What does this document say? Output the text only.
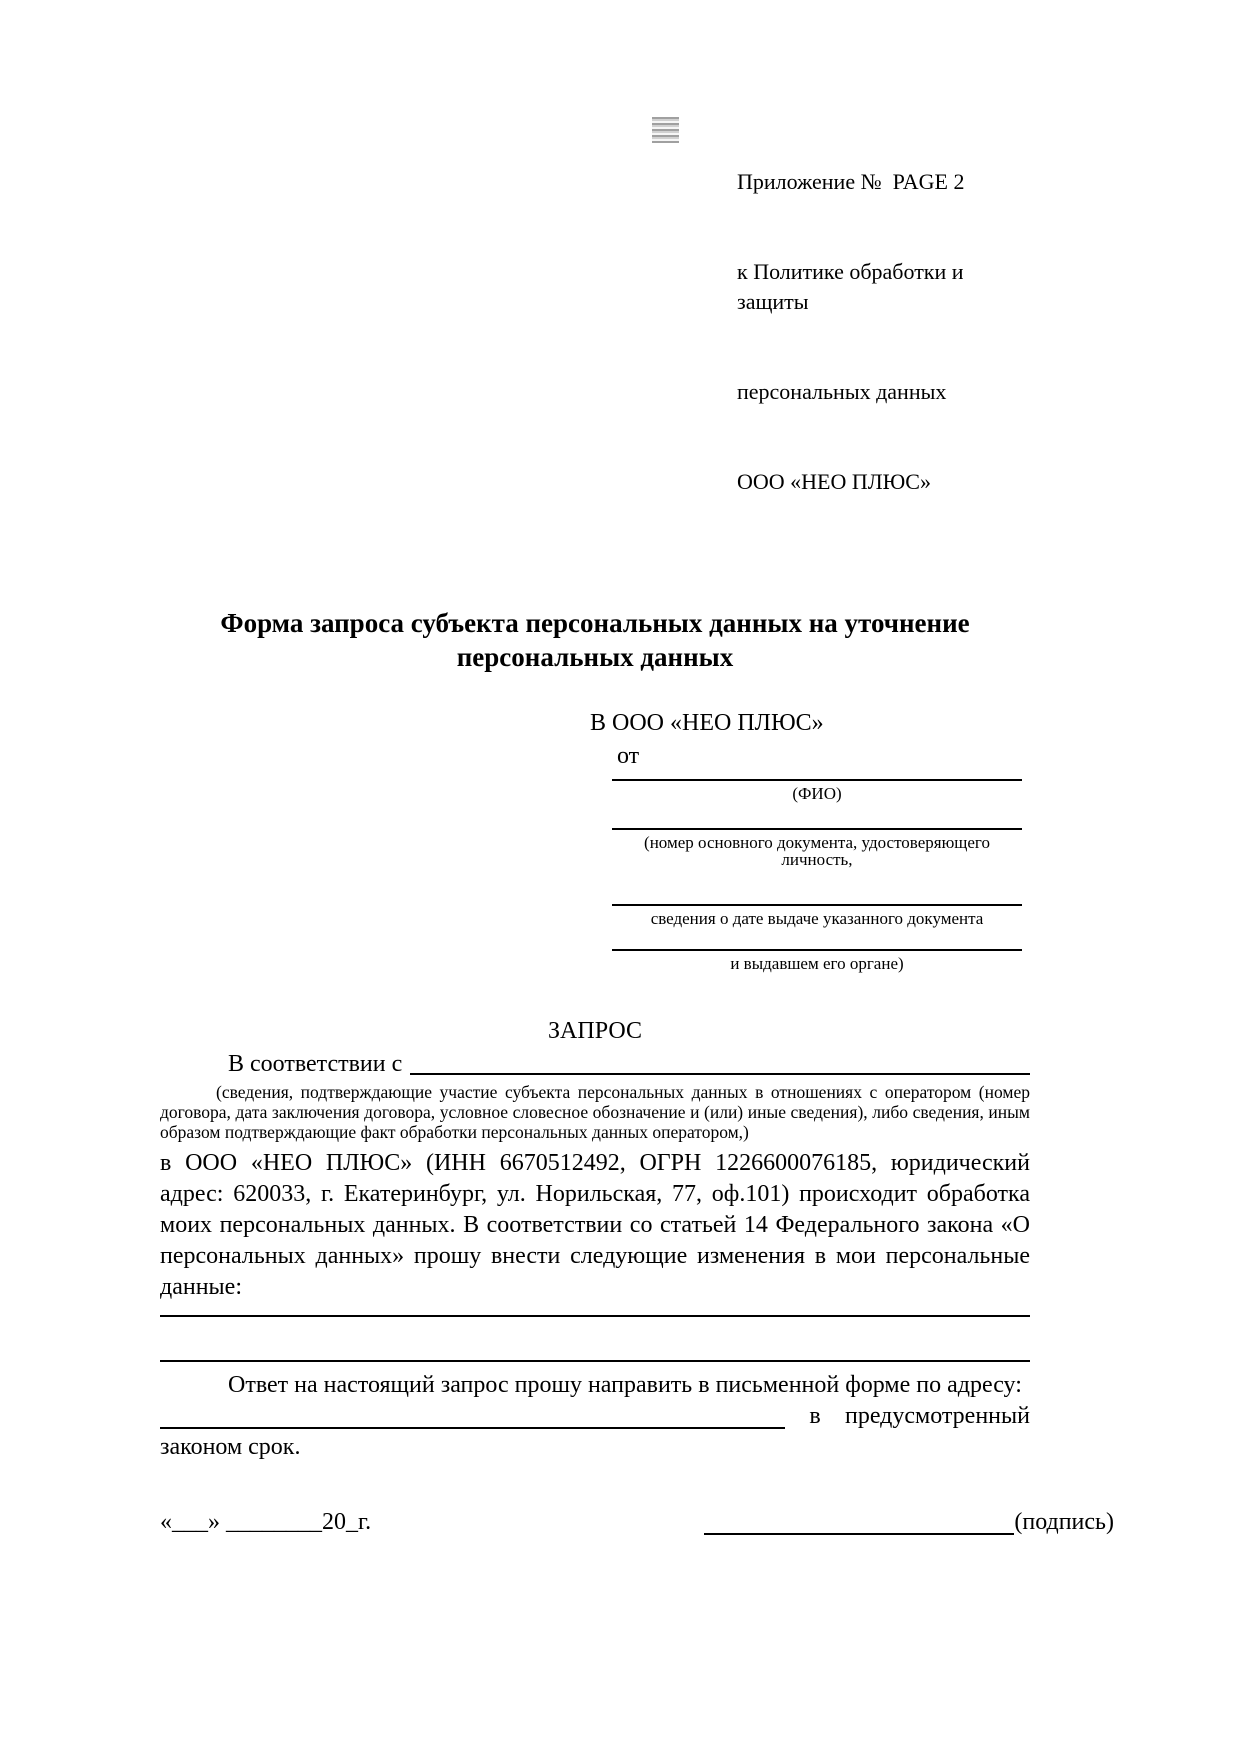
Приложение №  PAGE 2

к Политике обработки и защиты

персональных данных

ООО «НЕО ПЛЮС»

Форма запроса субъекта персональных данных на уточнение персональных данных
В ООО «НЕО ПЛЮС»
от
(ФИО)
(номер основного документа, удостоверяющего личность,
сведения о дате выдаче указанного документа
и выдавшем его органе)
ЗАПРОС
В соответствии с
(сведения, подтверждающие участие субъекта персональных данных в отношениях с оператором (номер договора, дата заключения договора, условное словесное обозначение и (или) иные сведения), либо сведения, иным образом подтверждающие факт обработки персональных данных оператором,)
в ООО «НЕО ПЛЮС» (ИНН 6670512492, ОГРН 1226600076185, юридический адрес: 620033, г. Екатеринбург, ул. Норильская, 77, оф.101) происходит обработка моих персональных данных. В соответствии со статьей 14 Федерального закона «О персональных данных» прошу внести следующие изменения в мои персональные данные:
Ответ на настоящий запрос прошу направить в письменной форме по адресу:
в предусмотренный
законом срок.
«___» ________20_г.	(подпись)
